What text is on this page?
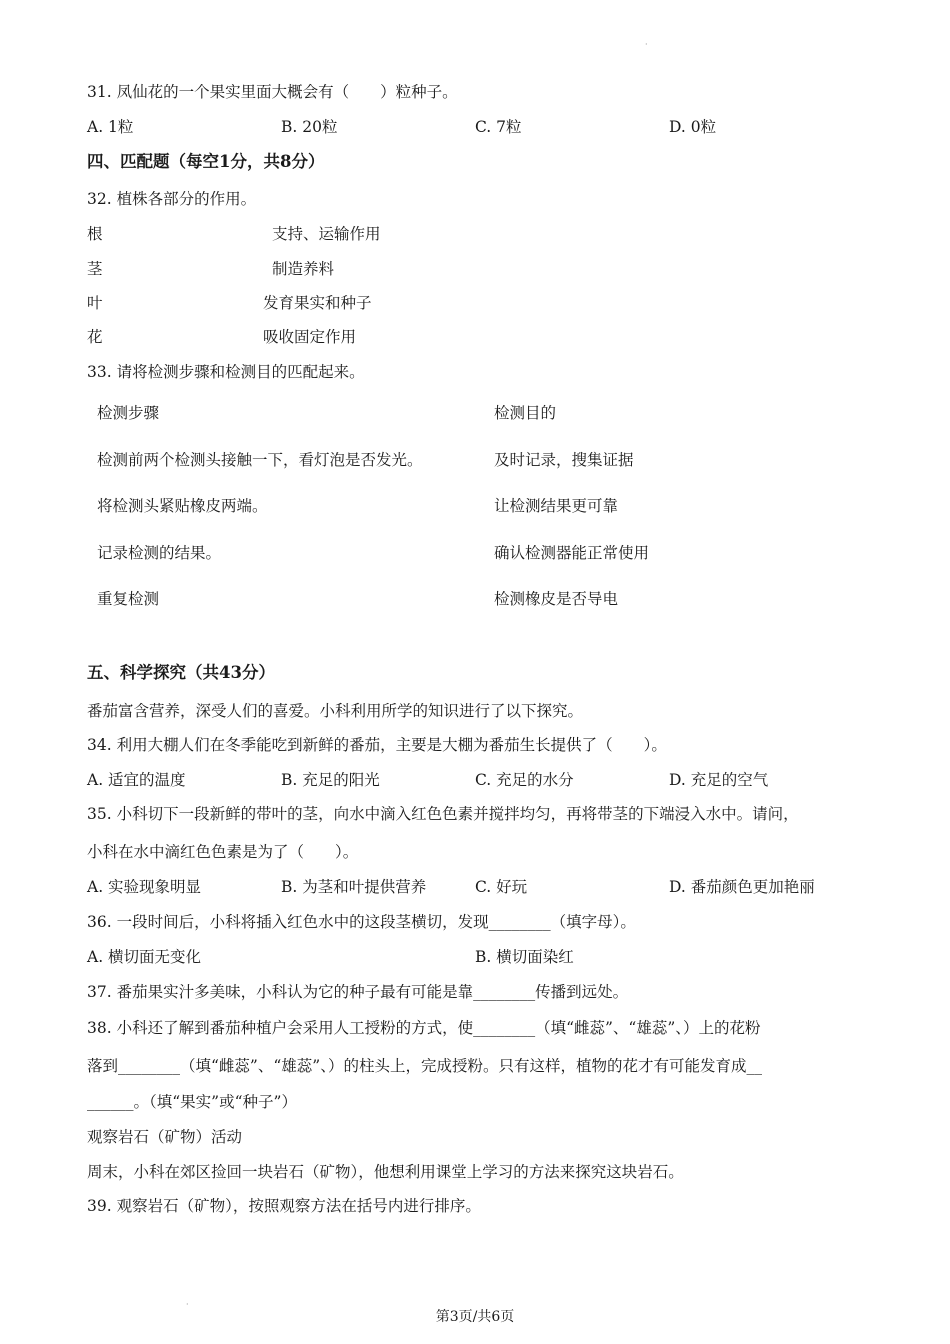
·
31. 凤仙花的一个果实里面大概会有（　　）粒种子。
A. 1粒	B. 20粒	C. 7粒	D. 0粒
四、匹配题（每空1分，共8分）
32. 植株各部分的作用。
根	支持、运输作用
茎	制造养料
叶	发育果实和种子
花	吸收固定作用
33. 请将检测步骤和检测目的匹配起来。
检测步骤	检测目的
检测前两个检测头接触一下，看灯泡是否发光。	及时记录，搜集证据
将检测头紧贴橡皮两端。	让检测结果更可靠
记录检测的结果。	确认检测器能正常使用
重复检测	检测橡皮是否导电
五、科学探究（共43分）
番茄富含营养，深受人们的喜爱。小科利用所学的知识进行了以下探究。
34. 利用大棚人们在冬季能吃到新鲜的番茄，主要是大棚为番茄生长提供了（　　）。
A. 适宜的温度	B. 充足的阳光	C. 充足的水分	D. 充足的空气
35. 小科切下一段新鲜的带叶的茎，向水中滴入红色色素并搅拌均匀，再将带茎的下端浸入水中。请问，
小科在水中滴红色色素是为了（　　）。
A. 实验现象明显	B. 为茎和叶提供营养	C. 好玩	D. 番茄颜色更加艳丽
36. 一段时间后，小科将插入红色水中的这段茎横切，发现________（填字母）。
A. 横切面无变化	B. 横切面染红
37. 番茄果实汁多美味，小科认为它的种子最有可能是靠________传播到远处。
38. 小科还了解到番茄种植户会采用人工授粉的方式，使________（填“雌蕊”、“雄蕊”、）上的花粉
落到________（填“雌蕊”、“雄蕊”、）的柱头上，完成授粉。只有这样，植物的花才有可能发育成__
______。（填“果实”或“种子”）
观察岩石（矿物）活动
周末，小科在郊区捡回一块岩石（矿物），他想利用课堂上学习的方法来探究这块岩石。
39. 观察岩石（矿物），按照观察方法在括号内进行排序。
·
第3页/共6页
